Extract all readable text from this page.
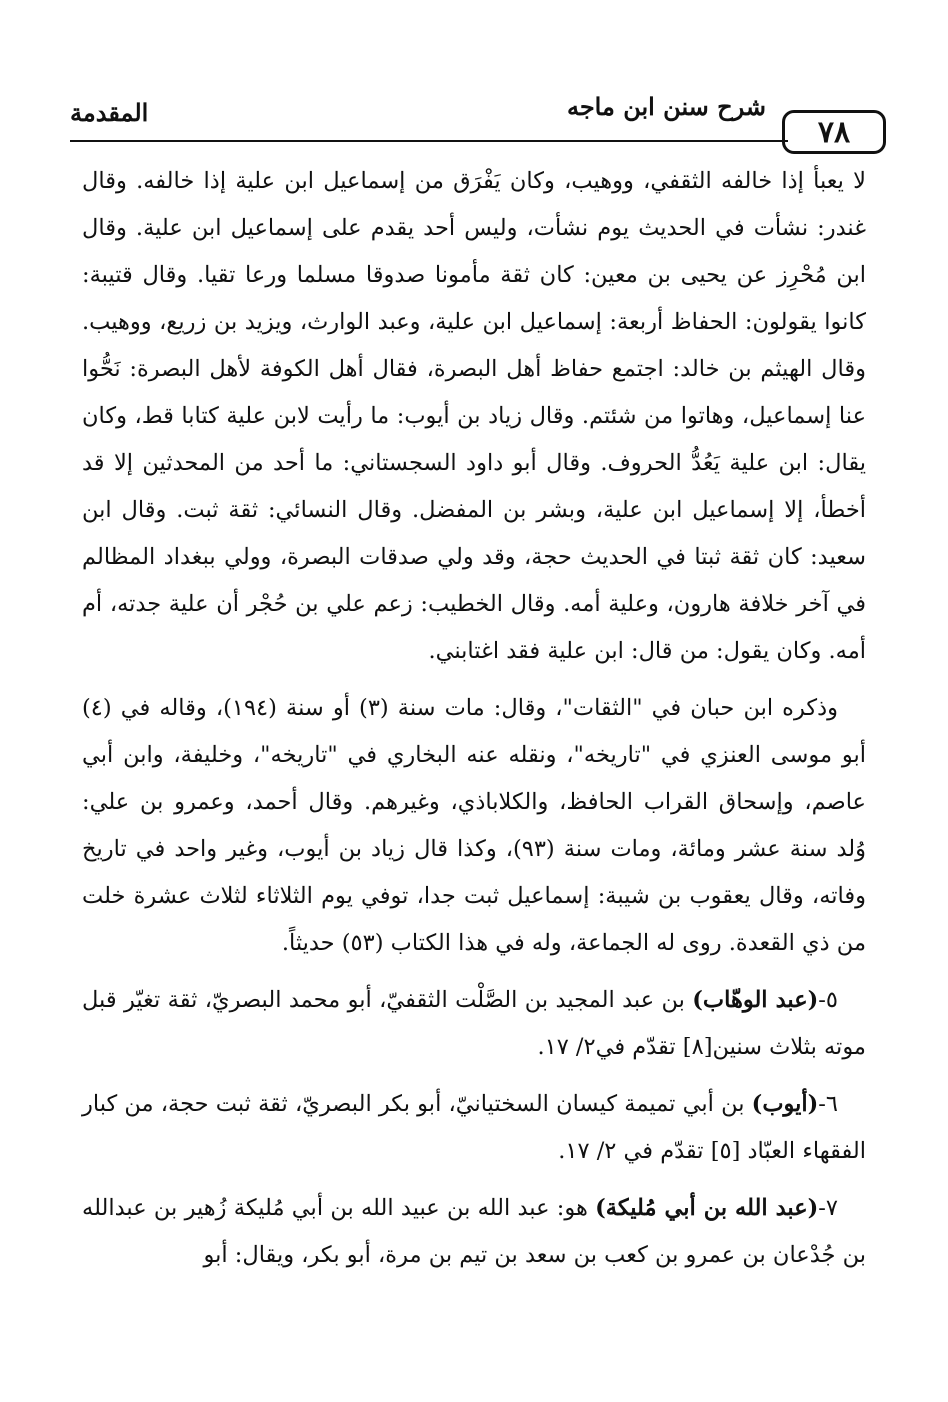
٧٨
شرح سنن ابن ماجه
المقدمة

لا يعبأ إذا خالفه الثقفي، ووهيب، وكان يَفْرَق من إسماعيل ابن علية إذا خالفه. وقال غندر: نشأت في الحديث يوم نشأت، وليس أحد يقدم على إسماعيل ابن علية. وقال ابن مُحْرِز عن يحيى بن معين: كان ثقة مأمونا صدوقا مسلما ورعا تقيا. وقال قتيبة: كانوا يقولون: الحفاظ أربعة: إسماعيل ابن علية، وعبد الوارث، ويزيد بن زريع، ووهيب. وقال الهيثم بن خالد: اجتمع حفاظ أهل البصرة، فقال أهل الكوفة لأهل البصرة: نَحُّوا عنا إسماعيل، وهاتوا من شئتم. وقال زياد بن أيوب: ما رأيت لابن علية كتابا قط، وكان يقال: ابن علية يَعُدُّ الحروف. وقال أبو داود السجستاني: ما أحد من المحدثين إلا قد أخطأ، إلا إسماعيل ابن علية، وبشر بن المفضل. وقال النسائي: ثقة ثبت. وقال ابن سعيد: كان ثقة ثبتا في الحديث حجة، وقد ولي صدقات البصرة، وولي ببغداد المظالم في آخر خلافة هارون، وعلية أمه. وقال الخطيب: زعم علي بن حُجْر أن علية جدته، أم أمه. وكان يقول: من قال: ابن علية فقد اغتابني.

وذكره ابن حبان في "الثقات"، وقال: مات سنة (٣) أو سنة (١٩٤)، وقاله في (٤) أبو موسى العنزي في "تاريخه"، ونقله عنه البخاري في "تاريخه"، وخليفة، وابن أبي عاصم، وإسحاق القراب الحافظ، والكلاباذي، وغيرهم. وقال أحمد، وعمرو بن علي: وُلد سنة عشر ومائة، ومات سنة (٩٣)، وكذا قال زياد بن أيوب، وغير واحد في تاريخ وفاته، وقال يعقوب بن شيبة: إسماعيل ثبت جدا، توفي يوم الثلاثاء لثلاث عشرة خلت من ذي القعدة. روى له الجماعة، وله في هذا الكتاب (٥٣) حديثاً.

٥-(عبد الوهّاب) بن عبد المجيد بن الصَّلْت الثقفيّ، أبو محمد البصريّ، ثقة تغيّر قبل موته بثلاث سنين[٨] تقدّم في٢/ ١٧.

٦-(أيوب) بن أبي تميمة كيسان السختيانيّ، أبو بكر البصريّ، ثقة ثبت حجة، من كبار الفقهاء العبّاد [٥] تقدّم في ٢/ ١٧.

٧-(عبد الله بن أبي مُليكة) هو: عبد الله بن عبيد الله بن أبي مُليكة زُهير بن عبدالله بن جُدْعان بن عمرو بن كعب بن سعد بن تيم بن مرة، أبو بكر، ويقال: أبو
